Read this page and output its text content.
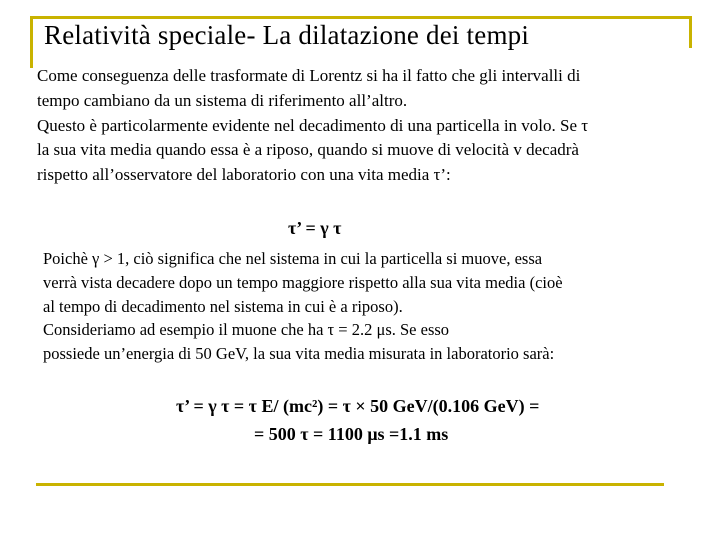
Relatività speciale- La dilatazione dei tempi

Come conseguenza delle trasformate di Lorentz si ha il fatto che gli intervalli di
tempo cambiano da un sistema di riferimento all’altro.
Questo è particolarmente evidente nel decadimento di una particella in volo. Se τ
la sua vita media quando essa è a riposo, quando si muove di velocità v decadrà
rispetto all’osservatore del laboratorio con una vita media τ’:

τ’ = γ τ

Poichè γ > 1, ciò significa che nel sistema in cui la particella si muove, essa
verrà vista decadere dopo un tempo maggiore rispetto alla sua vita media (cioè
al tempo di decadimento nel sistema in cui è a riposo).
Consideriamo ad esempio il muone che ha τ = 2.2 μs. Se esso
possiede un’energia di 50 GeV, la sua vita media misurata in laboratorio sarà:

τ’ = γ τ = τ E/ (mc²) = τ × 50 GeV/(0.106 GeV) =

= 500 τ = 1100 μs =1.1 ms
